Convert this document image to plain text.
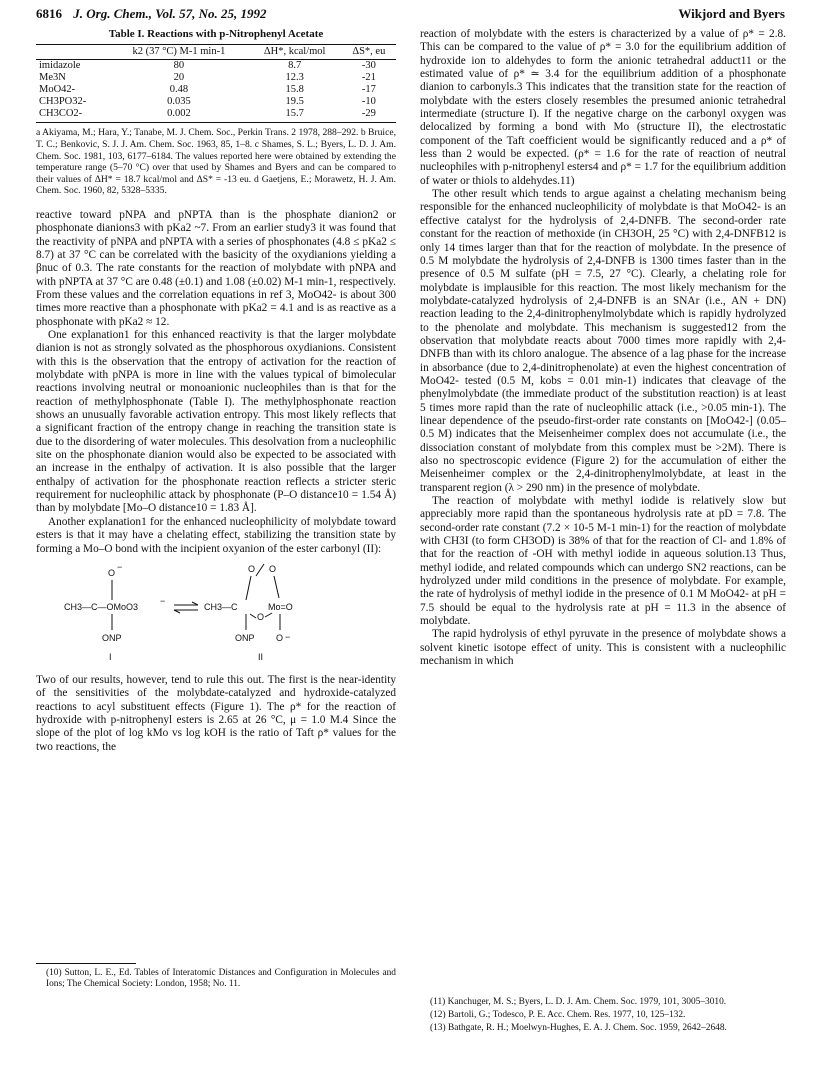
6816 J. Org. Chem., Vol. 57, No. 25, 1992	Wikjord and Byers
Table I. Reactions with p-Nitrophenyl Acetate
	k2 (37 °C) M-1 min-1	ΔH*, kcal/mol	ΔS*, eu
imidazole	80	8.7	-30
Me3N	20	12.3	-21
MoO42-	0.48	15.8	-17
CH3PO32-	0.035	19.5	-10
CH3CO2-	0.002	15.7	-29
a Akiyama, M.; Hara, Y.; Tanabe, M. J. Chem. Soc., Perkin Trans. 2 1978, 288–292. b Bruice, T. C.; Benkovic, S. J. J. Am. Chem. Soc. 1963, 85, 1–8. c Shames, S. L.; Byers, L. D. J. Am. Chem. Soc. 1981, 103, 6177–6184. The values reported here were obtained by extending the temperature range (5–70 °C) over that used by Shames and Byers and can be compared to their values of ΔH* = 18.7 kcal/mol and ΔS* = -13 eu. d Gaetjens, E.; Morawetz, H. J. Am. Chem. Soc. 1960, 82, 5328–5335.

reactive toward pNPA and pNPTA than is the phosphate dianion2 or phosphonate dianions3 with pKa2 ~7. From an earlier study3 it was found that the reactivity of pNPA and pNPTA with a series of phosphonates (4.8 ≤ pKa2 ≤ 8.7) at 37 °C can be correlated with the basicity of the oxydianions yielding a βnuc of 0.3. The rate constants for the reaction of molybdate with pNPA and with pNPTA at 37 °C are 0.48 (±0.1) and 1.08 (±0.02) M-1 min-1, respectively. From these values and the correlation equations in ref 3, MoO42- is about 300 times more reactive than a phosphonate with pKa2 = 4.1 and is as reactive as a phosphonate with pKa2 ≈ 12.

One explanation1 for this enhanced reactivity is that the larger molybdate dianion is not as strongly solvated as the phosphorous oxydianions. Consistent with this is the observation that the entropy of activation for the reaction of molybdate with pNPA is more in line with the values typical of bimolecular reactions involving neutral or monoanionic nucleophiles than is that for the reaction of methylphosphonate (Table I). The methylphosphonate reaction shows an unusually favorable activation entropy. This most likely reflects that a significant fraction of the entropy change in reaching the transition state is due to the disordering of water molecules. This desolvation from a nucleophilic site on the phosphonate dianion would also be expected to be associated with an increase in the enthalpy of activation. It is also possible that the larger enthalpy of activation for the phosphonate reaction reflects a stricter steric requirement for nucleophilic attack by phosphonate (P–O distance10 = 1.54 Å) than by molybdate [Mo–O distance10 = 1.83 Å].

Another explanation1 for the enhanced nucleophilicity of molybdate toward esters is that it may have a chelating effect, stabilizing the transition state by forming a Mo–O bond with the incipient oxyanion of the ester carbonyl (II):

O
−
CH3—C—OMoO3
−
ONP
I
CH3—C
O O
Mo=O
O
ONP O −
II

Two of our results, however, tend to rule this out. The first is the near-identity of the sensitivities of the molybdate-catalyzed and hydroxide-catalyzed reactions to acyl substituent effects (Figure 1). The ρ* for the reaction of hydroxide with p-nitrophenyl esters is 2.65 at 26 °C, μ = 1.0 M.4 Since the slope of the plot of log kMo vs log kOH is the ratio of Taft ρ* values for the two reactions, the

reaction of molybdate with the esters is characterized by a value of ρ* = 2.8. This can be compared to the value of ρ* = 3.0 for the equilibrium addition of hydroxide ion to aldehydes to form the anionic tetrahedral adduct11 or the estimated value of ρ* ≃ 3.4 for the equilibrium addition of a phosphonate dianion to carbonyls.3 This indicates that the transition state for the reaction of molybdate with the esters closely resembles the presumed anionic tetrahedral intermediate (structure I). If the negative charge on the carbonyl oxygen was delocalized by forming a bond with Mo (structure II), the electrostatic component of the Taft coefficient would be significantly reduced and a ρ* of less than 2 would be expected. (ρ* = 1.6 for the rate of reaction of neutral nucleophiles with p-nitrophenyl esters4 and ρ* = 1.7 for the equilibrium addition of water or thiols to aldehydes.11)

The other result which tends to argue against a chelating mechanism being responsible for the enhanced nucleophilicity of molybdate is that MoO42- is an effective catalyst for the hydrolysis of 2,4-DNFB. The second-order rate constant for the reaction of methoxide (in CH3OH, 25 °C) with 2,4-DNFB12 is only 14 times larger than that for the reaction of molybdate. In the presence of 0.5 M molybdate the hydrolysis of 2,4-DNFB is 1300 times faster than in the presence of 0.5 M sulfate (pH = 7.5, 27 °C). Clearly, a chelating role for molybdate is implausible for this reaction. The most likely mechanism for the molybdate-catalyzed hydrolysis of 2,4-DNFB is an SNAr (i.e., AN + DN) reaction leading to the 2,4-dinitrophenylmolybdate which is rapidly hydrolyzed to the phenolate and molybdate. This mechanism is suggested12 from the observation that molybdate reacts about 7000 times more rapidly with 2,4-DNFB than with its chloro analogue. The absence of a lag phase for the increase in absorbance (due to 2,4-dinitrophenolate) at even the highest concentration of MoO42- tested (0.5 M, kobs = 0.01 min-1) indicates that cleavage of the phenylmolybdate (the immediate product of the substitution reaction) is at least 5 times more rapid than the rate of nucleophilic attack (i.e., >0.05 min-1). The linear dependence of the pseudo-first-order rate constants on [MoO42-] (0.05–0.5 M) indicates that the Meisenheimer complex does not accumulate (i.e., the dissociation constant of molybdate from this complex must be >2M). There is also no spectroscopic evidence (Figure 2) for the accumulation of either the Meisenheimer complex or the 2,4-dinitrophenylmolybdate, at least in the transparent region (λ > 290 nm) in the presence of molybdate.

The reaction of molybdate with methyl iodide is relatively slow but appreciably more rapid than the spontaneous hydrolysis rate at pD = 7.8. The second-order rate constant (7.2 × 10-5 M-1 min-1) for the reaction of molybdate with CH3I (to form CH3OD) is 38% of that for the reaction of Cl- and 1.8% of that for the reaction of -OH with methyl iodide in aqueous solution.13 Thus, methyl iodide, and related compounds which can undergo SN2 reactions, can be hydrolyzed under mild conditions in the presence of molybdate. For example, the rate of hydrolysis of methyl iodide in the presence of 0.1 M MoO42- at pH = 7.5 should be equal to the hydrolysis rate at pH = 11.3 in the absence of molybdate.

The rapid hydrolysis of ethyl pyruvate in the presence of molybdate shows a solvent kinetic isotope effect of unity. This is consistent with a nucleophilic mechanism in which

(10) Sutton, L. E., Ed. Tables of Interatomic Distances and Configuration in Molecules and Ions; The Chemical Society: London, 1958; No. 11.

(11) Kanchuger, M. S.; Byers, L. D. J. Am. Chem. Soc. 1979, 101, 3005–3010.

(12) Bartoli, G.; Todesco, P. E. Acc. Chem. Res. 1977, 10, 125–132.

(13) Bathgate, R. H.; Moelwyn-Hughes, E. A. J. Chem. Soc. 1959, 2642–2648.
